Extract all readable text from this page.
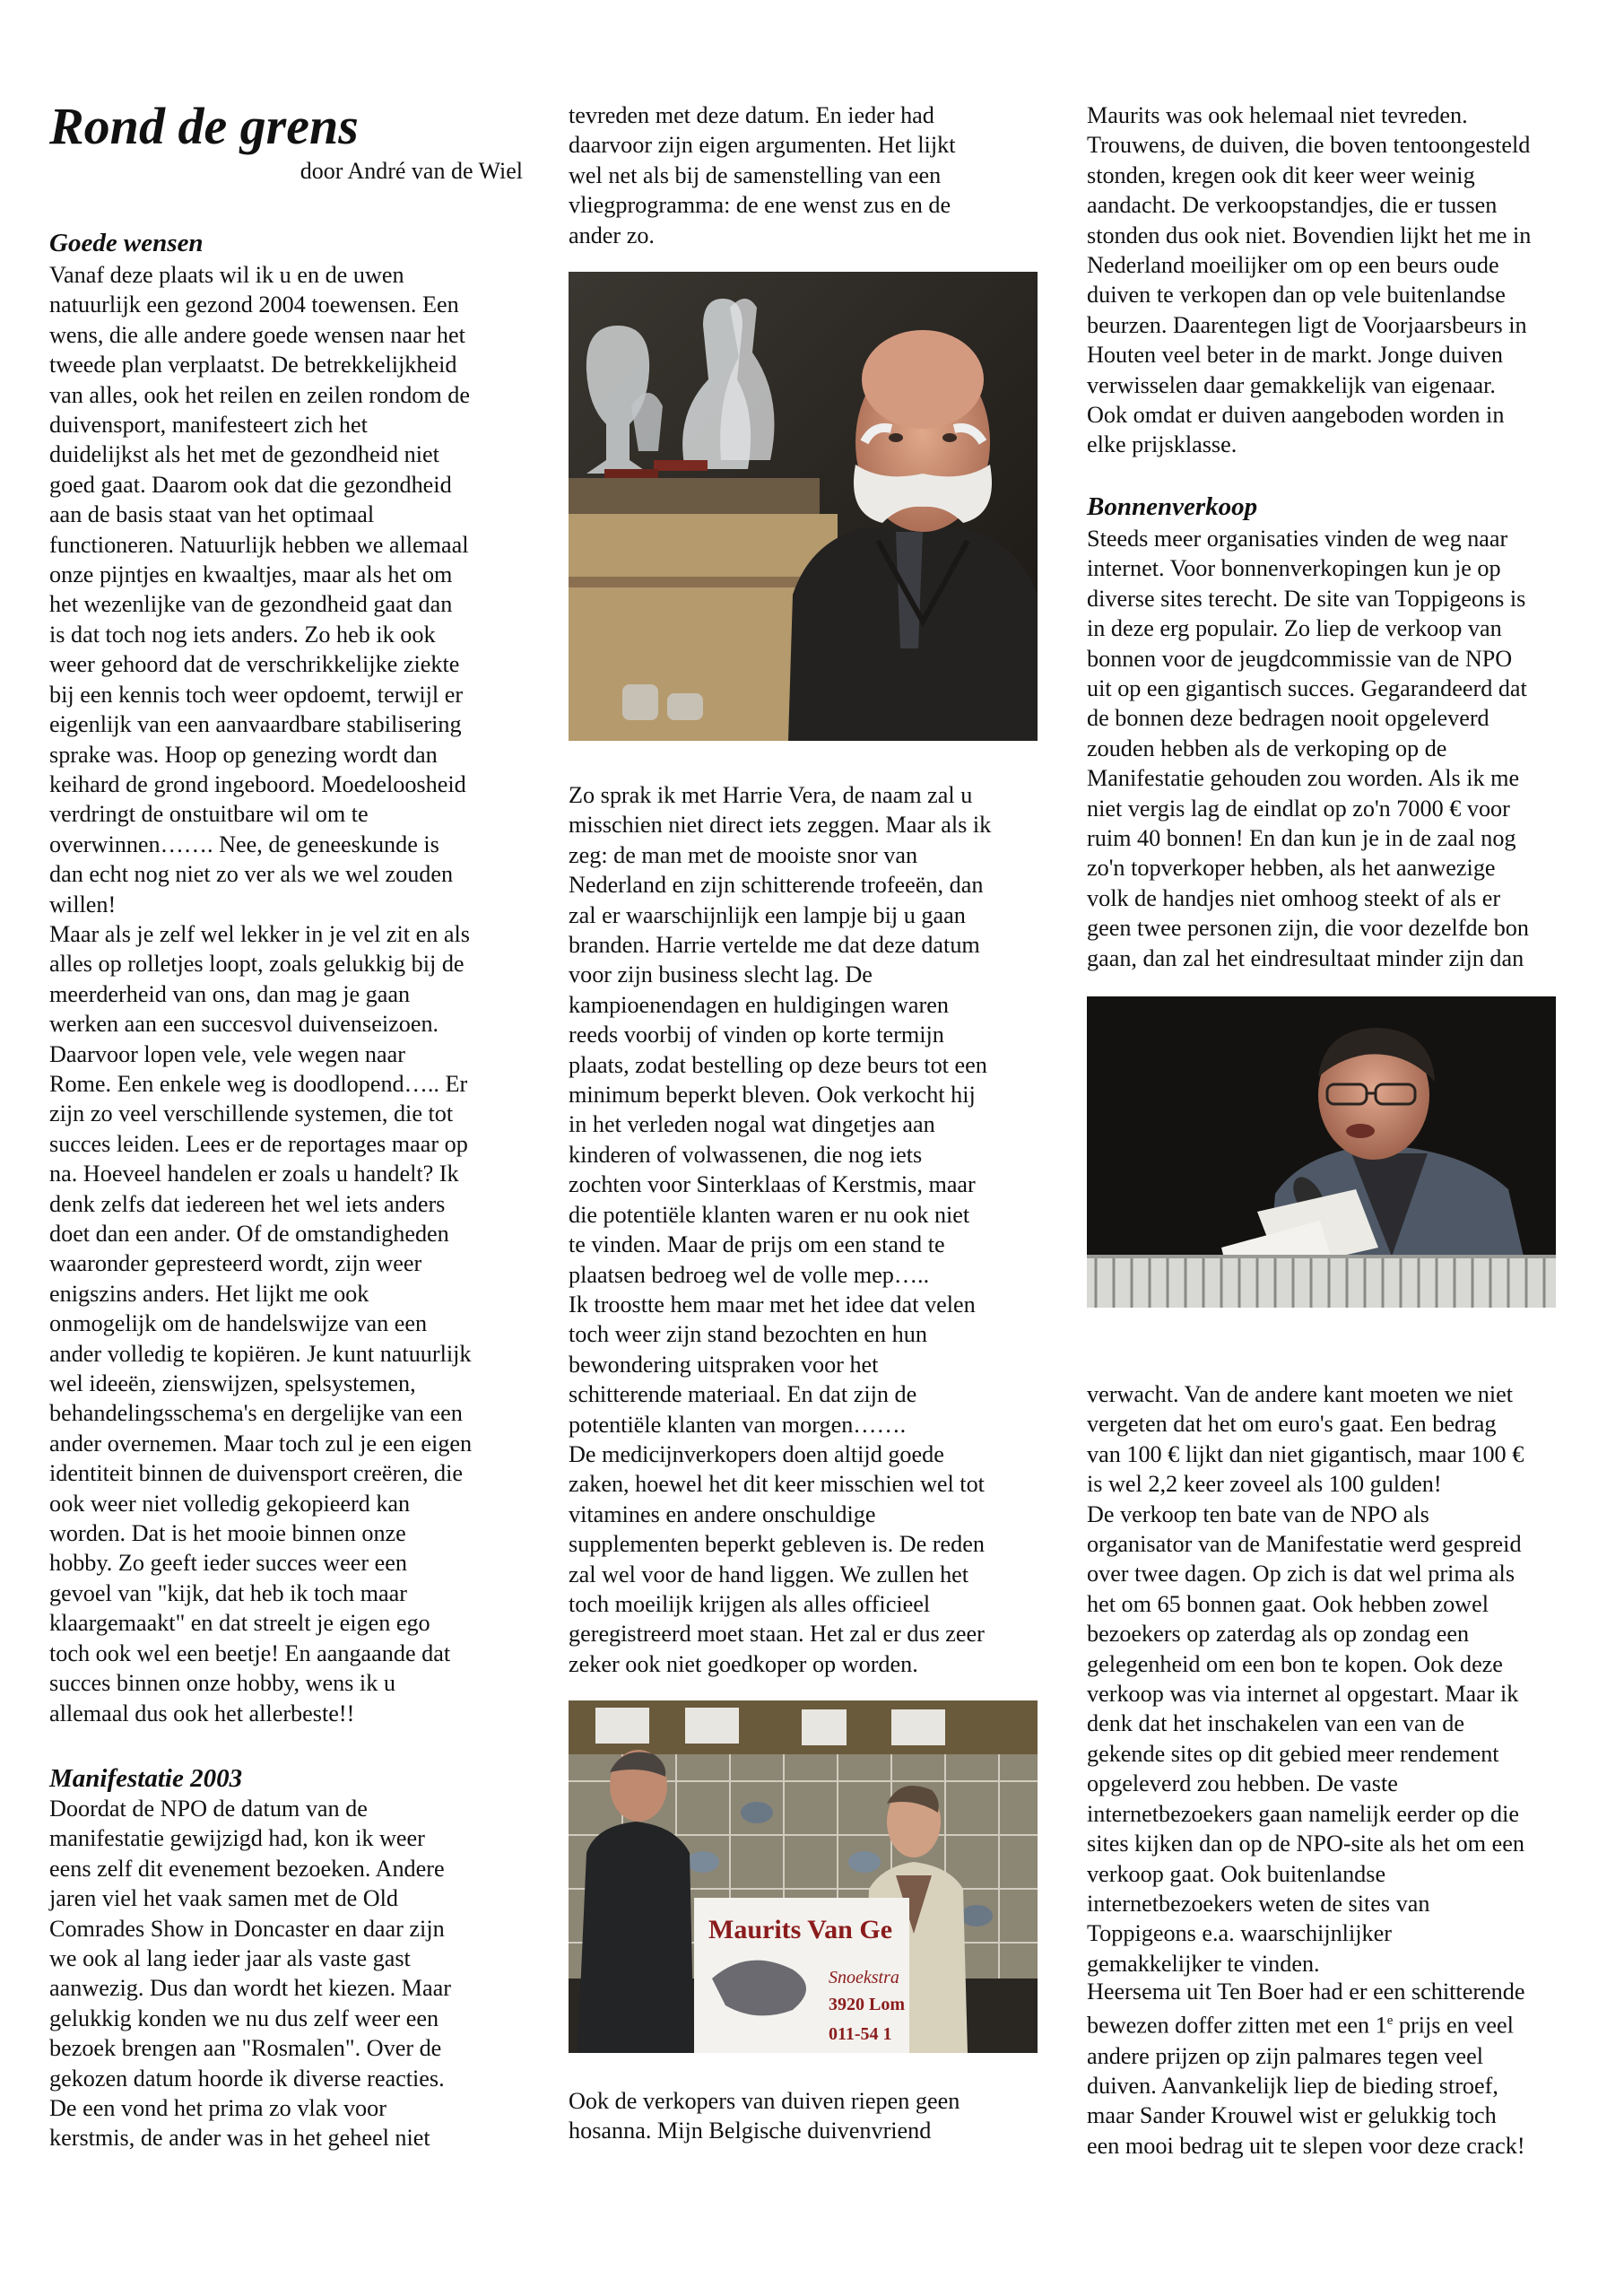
Rond de grens

door André van de Wiel

Goede wensen

Vanaf deze plaats wil ik u en de uwen
natuurlijk een gezond 2004 toewensen. Een
wens, die alle andere goede wensen naar het
tweede plan verplaatst. De betrekkelijkheid
van alles, ook het reilen en zeilen rondom de
duivensport, manifesteert zich het
duidelijkst als het met de gezondheid niet
goed gaat. Daarom ook dat die gezondheid
aan de basis staat van het optimaal
functioneren. Natuurlijk hebben we allemaal
onze pijntjes en kwaaltjes, maar als het om
het wezenlijke van de gezondheid gaat dan
is dat toch nog iets anders. Zo heb ik ook
weer gehoord dat de verschrikkelijke ziekte
bij een kennis toch weer opdoemt, terwijl er
eigenlijk van een aanvaardbare stabilisering
sprake was. Hoop op genezing wordt dan
keihard de grond ingeboord. Moedeloosheid
verdringt de onstuitbare wil om te
overwinnen……. Nee, de geneeskunde is
dan echt nog niet zo ver als we wel zouden
willen!
Maar als je zelf wel lekker in je vel zit en als
alles op rolletjes loopt, zoals gelukkig bij de
meerderheid van ons, dan mag je gaan
werken aan een succesvol duivenseizoen.
Daarvoor lopen vele, vele wegen naar
Rome. Een enkele weg is doodlopend….. Er
zijn zo veel verschillende systemen, die tot
succes leiden. Lees er de reportages maar op
na. Hoeveel handelen er zoals u handelt? Ik
denk zelfs dat iedereen het wel iets anders
doet dan een ander. Of de omstandigheden
waaronder gepresteerd wordt, zijn weer
enigszins anders. Het lijkt me ook
onmogelijk om de handelswijze van een
ander volledig te kopiëren. Je kunt natuurlijk
wel ideeën, zienswijzen, spelsystemen,
behandelingsschema's en dergelijke van een
ander overnemen. Maar toch zul je een eigen
identiteit binnen de duivensport creëren, die
ook weer niet volledig gekopieerd kan
worden. Dat is het mooie binnen onze
hobby. Zo geeft ieder succes weer een
gevoel van "kijk, dat heb ik toch maar
klaargemaakt" en dat streelt je eigen ego
toch ook wel een beetje! En aangaande dat
succes binnen onze hobby, wens ik u
allemaal dus ook het allerbeste!!

Manifestatie 2003

Doordat de NPO de datum van de
manifestatie gewijzigd had, kon ik weer
eens zelf dit evenement bezoeken. Andere
jaren viel het vaak samen met de Old
Comrades Show in Doncaster en daar zijn
we ook al lang ieder jaar als vaste gast
aanwezig. Dus dan wordt het kiezen. Maar
gelukkig konden we nu dus zelf weer een
bezoek brengen aan "Rosmalen". Over de
gekozen datum hoorde ik diverse reacties.
De een vond het prima zo vlak voor
kerstmis, de ander was in het geheel niet

tevreden met deze datum. En ieder had
daarvoor zijn eigen argumenten. Het lijkt
wel net als bij de samenstelling van een
vliegprogramma: de ene wenst zus en de
ander zo.

Zo sprak ik met Harrie Vera, de naam zal u
misschien niet direct iets zeggen. Maar als ik
zeg: de man met de mooiste snor van
Nederland en zijn schitterende trofeeën, dan
zal er waarschijnlijk een lampje bij u gaan
branden. Harrie vertelde me dat deze datum
voor zijn business slecht lag. De
kampioenendagen en huldigingen waren
reeds voorbij of vinden op korte termijn
plaats, zodat bestelling op deze beurs tot een
minimum beperkt bleven. Ook verkocht hij
in het verleden nogal wat dingetjes aan
kinderen of volwassenen, die nog iets
zochten voor Sinterklaas of Kerstmis, maar
die potentiële klanten waren er nu ook niet
te vinden. Maar de prijs om een stand te
plaatsen bedroeg wel de volle mep…..
Ik troostte hem maar met het idee dat velen
toch weer zijn stand bezochten en hun
bewondering uitspraken voor het
schitterende materiaal. En dat zijn de
potentiële klanten van morgen…….
De medicijnverkopers doen altijd goede
zaken, hoewel het dit keer misschien wel tot
vitamines en andere onschuldige
supplementen beperkt gebleven is. De reden
zal wel voor de hand liggen. We zullen het
toch moeilijk krijgen als alles officieel
geregistreerd moet staan. Het zal er dus zeer
zeker ook niet goedkoper op worden.

Maurits Van Ge
Snoekstra
3920 Lom
011-54 1

Ook de verkopers van duiven riepen geen
hosanna. Mijn Belgische duivenvriend

Maurits was ook helemaal niet tevreden.
Trouwens, de duiven, die boven tentoongesteld
stonden, kregen ook dit keer weer weinig
aandacht. De verkoopstandjes, die er tussen
stonden dus ook niet. Bovendien lijkt het me in
Nederland moeilijker om op een beurs oude
duiven te verkopen dan op vele buitenlandse
beurzen. Daarentegen ligt de Voorjaarsbeurs in
Houten veel beter in de markt. Jonge duiven
verwisselen daar gemakkelijk van eigenaar.
Ook omdat er duiven aangeboden worden in
elke prijsklasse.

Bonnenverkoop

Steeds meer organisaties vinden de weg naar
internet. Voor bonnenverkopingen kun je op
diverse sites terecht. De site van Toppigeons is
in deze erg populair. Zo liep de verkoop van
bonnen voor de jeugdcommissie van de NPO
uit op een gigantisch succes. Gegarandeerd dat
de bonnen deze bedragen nooit opgeleverd
zouden hebben als de verkoping op de
Manifestatie gehouden zou worden. Als ik me
niet vergis lag de eindlat op zo'n 7000 € voor
ruim 40 bonnen! En dan kun je in de zaal nog
zo'n topverkoper hebben, als het aanwezige
volk de handjes niet omhoog steekt of als er
geen twee personen zijn, die voor dezelfde bon
gaan, dan zal het eindresultaat minder zijn dan

verwacht. Van de andere kant moeten we niet
vergeten dat het om euro's gaat. Een bedrag
van 100 € lijkt dan niet gigantisch, maar 100 €
is wel 2,2 keer zoveel als 100 gulden!
De verkoop ten bate van de NPO als
organisator van de Manifestatie werd gespreid
over twee dagen. Op zich is dat wel prima als
het om 65 bonnen gaat. Ook hebben zowel
bezoekers op zaterdag als op zondag een
gelegenheid om een bon te kopen. Ook deze
verkoop was via internet al opgestart. Maar ik
denk dat het inschakelen van een van de
gekende sites op dit gebied meer rendement
opgeleverd zou hebben. De vaste
internetbezoekers gaan namelijk eerder op die
sites kijken dan op de NPO-site als het om een
verkoop gaat. Ook buitenlandse
internetbezoekers weten de sites van
Toppigeons e.a. waarschijnlijker
gemakkelijker te vinden.

Heersema uit Ten Boer had er een schitterende
bewezen doffer zitten met een 1e prijs en veel
andere prijzen op zijn palmares tegen veel
duiven. Aanvankelijk liep de bieding stroef,
maar Sander Krouwel wist er gelukkig toch
een mooi bedrag uit te slepen voor deze crack!
